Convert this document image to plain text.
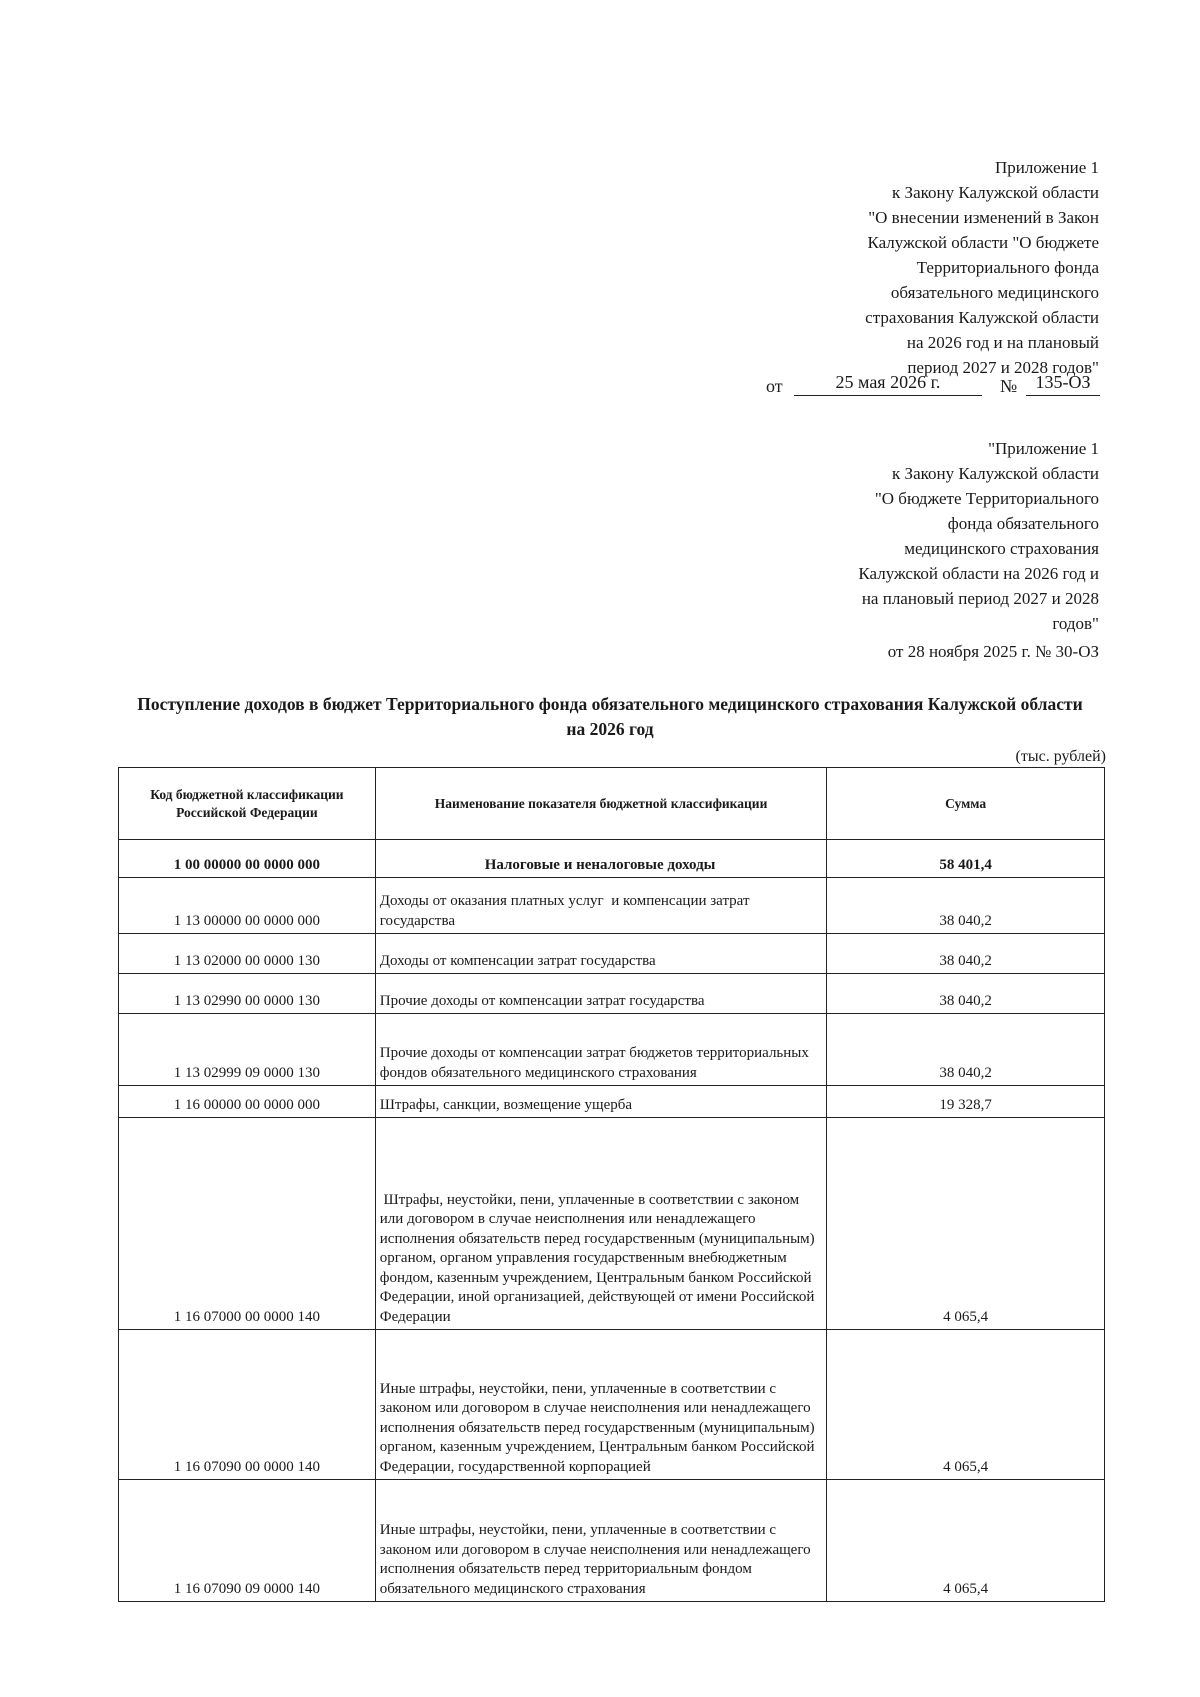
Приложение 1
к Закону Калужской области
"О внесении изменений в Закон
Калужской области "О бюджете
Территориального фонда
обязательного медицинского
страхования Калужской области
на 2026 год и на плановый
период 2027 и 2028 годов"
от	25 мая 2026 г.	№	135-ОЗ
"Приложение 1
к Закону Калужской области
"О бюджете Территориального
фонда обязательного
медицинского страхования
Калужской области на 2026 год и
на плановый период 2027 и 2028
годов"
от 28 ноября 2025 г. № 30-ОЗ
Поступление доходов в бюджет Территориального фонда обязательного медицинского страхования Калужской области на 2026 год
(тыс. рублей)
Код бюджетной классификации Российской Федерации	Наименование показателя бюджетной классификации	Сумма
1 00 00000 00 0000 000	Налоговые и неналоговые доходы	58 401,4
1 13 00000 00 0000 000	Доходы от оказания платных услуг  и компенсации затрат государства	38 040,2
1 13 02000 00 0000 130	Доходы от компенсации затрат государства	38 040,2
1 13 02990 00 0000 130	Прочие доходы от компенсации затрат государства	38 040,2
1 13 02999 09 0000 130	Прочие доходы от компенсации затрат бюджетов территориальных фондов обязательного медицинского страхования	38 040,2
1 16 00000 00 0000 000	Штрафы, санкции, возмещение ущерба	19 328,7
1 16 07000 00 0000 140	Штрафы, неустойки, пени, уплаченные в соответствии с законом или договором в случае неисполнения или ненадлежащего исполнения обязательств перед государственным (муниципальным) органом, органом управления государственным внебюджетным фондом, казенным учреждением, Центральным банком Российской Федерации, иной организацией, действующей от имени Российской Федерации	4 065,4
1 16 07090 00 0000 140	Иные штрафы, неустойки, пени, уплаченные в соответствии с законом или договором в случае неисполнения или ненадлежащего исполнения обязательств перед государственным (муниципальным) органом, казенным учреждением, Центральным банком Российской Федерации, государственной корпорацией	4 065,4
1 16 07090 09 0000 140	Иные штрафы, неустойки, пени, уплаченные в соответствии с законом или договором в случае неисполнения или ненадлежащего исполнения обязательств перед территориальным фондом обязательного медицинского страхования	4 065,4
